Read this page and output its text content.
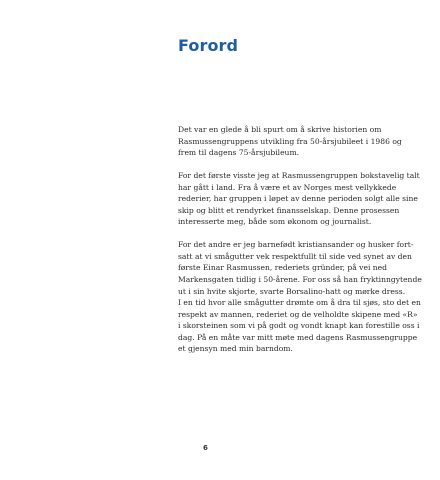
Forord

Det var en glede å bli spurt om å skrive historien om
Rasmussengruppens utvikling fra 50-årsjubileet i 1986 og
frem til dagens 75-årsjubileum.

For det første visste jeg at Rasmussengruppen bokstavelig talt
har gått i land. Fra å være et av Norges mest vellykkede
rederier, har gruppen i løpet av denne perioden solgt alle sine
skip og blitt et rendyrket finansselskap. Denne prosessen
interesserte meg, både som økonom og journalist.

For det andre er jeg barnefødt kristiansander og husker fort-
satt at vi smågutter vek respektfullt til side ved synet av den
første Einar Rasmussen, rederiets gründer, på vei ned
Markensgaten tidlig i 50-årene. For oss så han fryktinngytende
ut i sin hvite skjorte, svarte Borsalino-hatt og mørke dress.
I en tid hvor alle smågutter drømte om å dra til sjøs, sto det en
respekt av mannen, rederiet og de velholdte skipene med «R»
i skorsteinen som vi på godt og vondt knapt kan forestille oss i
dag. På en måte var mitt møte med dagens Rasmussengruppe
et gjensyn med min barndom.

6
